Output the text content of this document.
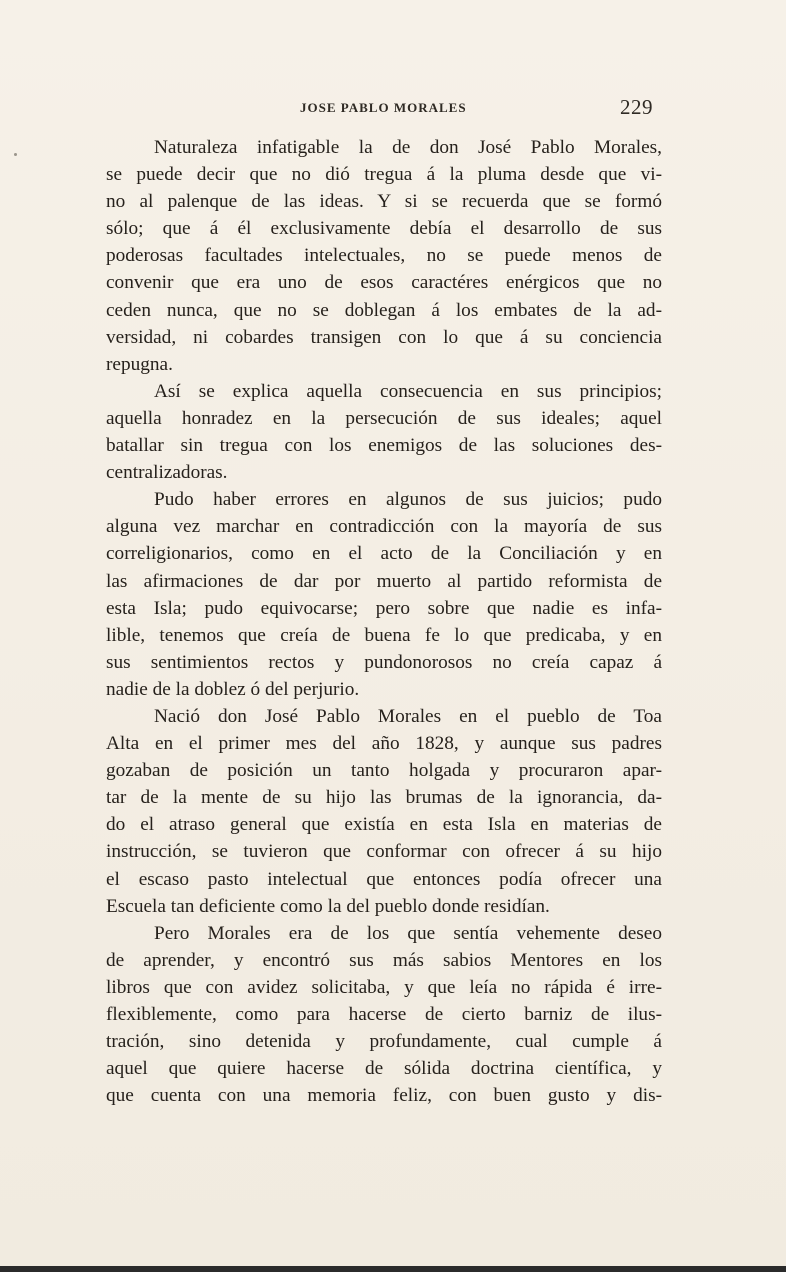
JOSE PABLO MORALES	229

Naturaleza infatigable la de don José Pablo Morales,
se puede decir que no dió tregua á la pluma desde que vi-
no al palenque de las ideas. Y si se recuerda que se formó
sólo; que á él exclusivamente debía el desarrollo de sus
poderosas facultades intelectuales, no se puede menos de
convenir que era uno de esos caractéres enérgicos que no
ceden nunca, que no se doblegan á los embates de la ad-
versidad, ni cobardes transigen con lo que á su conciencia
repugna.

Así se explica aquella consecuencia en sus principios;
aquella honradez en la persecución de sus ideales; aquel
batallar sin tregua con los enemigos de las soluciones des-
centralizadoras.

Pudo haber errores en algunos de sus juicios; pudo
alguna vez marchar en contradicción con la mayoría de sus
correligionarios, como en el acto de la Conciliación y en
las afirmaciones de dar por muerto al partido reformista de
esta Isla; pudo equivocarse; pero sobre que nadie es infa-
lible, tenemos que creía de buena fe lo que predicaba, y en
sus sentimientos rectos y pundonorosos no creía capaz á
nadie de la doblez ó del perjurio.

Nació don José Pablo Morales en el pueblo de Toa
Alta en el primer mes del año 1828, y aunque sus padres
gozaban de posición un tanto holgada y procuraron apar-
tar de la mente de su hijo las brumas de la ignorancia, da-
do el atraso general que existía en esta Isla en materias de
instrucción, se tuvieron que conformar con ofrecer á su hijo
el escaso pasto intelectual que entonces podía ofrecer una
Escuela tan deficiente como la del pueblo donde residían.

Pero Morales era de los que sentía vehemente deseo
de aprender, y encontró sus más sabios Mentores en los
libros que con avidez solicitaba, y que leía no rápida é irre-
flexiblemente, como para hacerse de cierto barniz de ilus-
tración, sino detenida y profundamente, cual cumple á
aquel que quiere hacerse de sólida doctrina científica, y
que cuenta con una memoria feliz, con buen gusto y dis-
